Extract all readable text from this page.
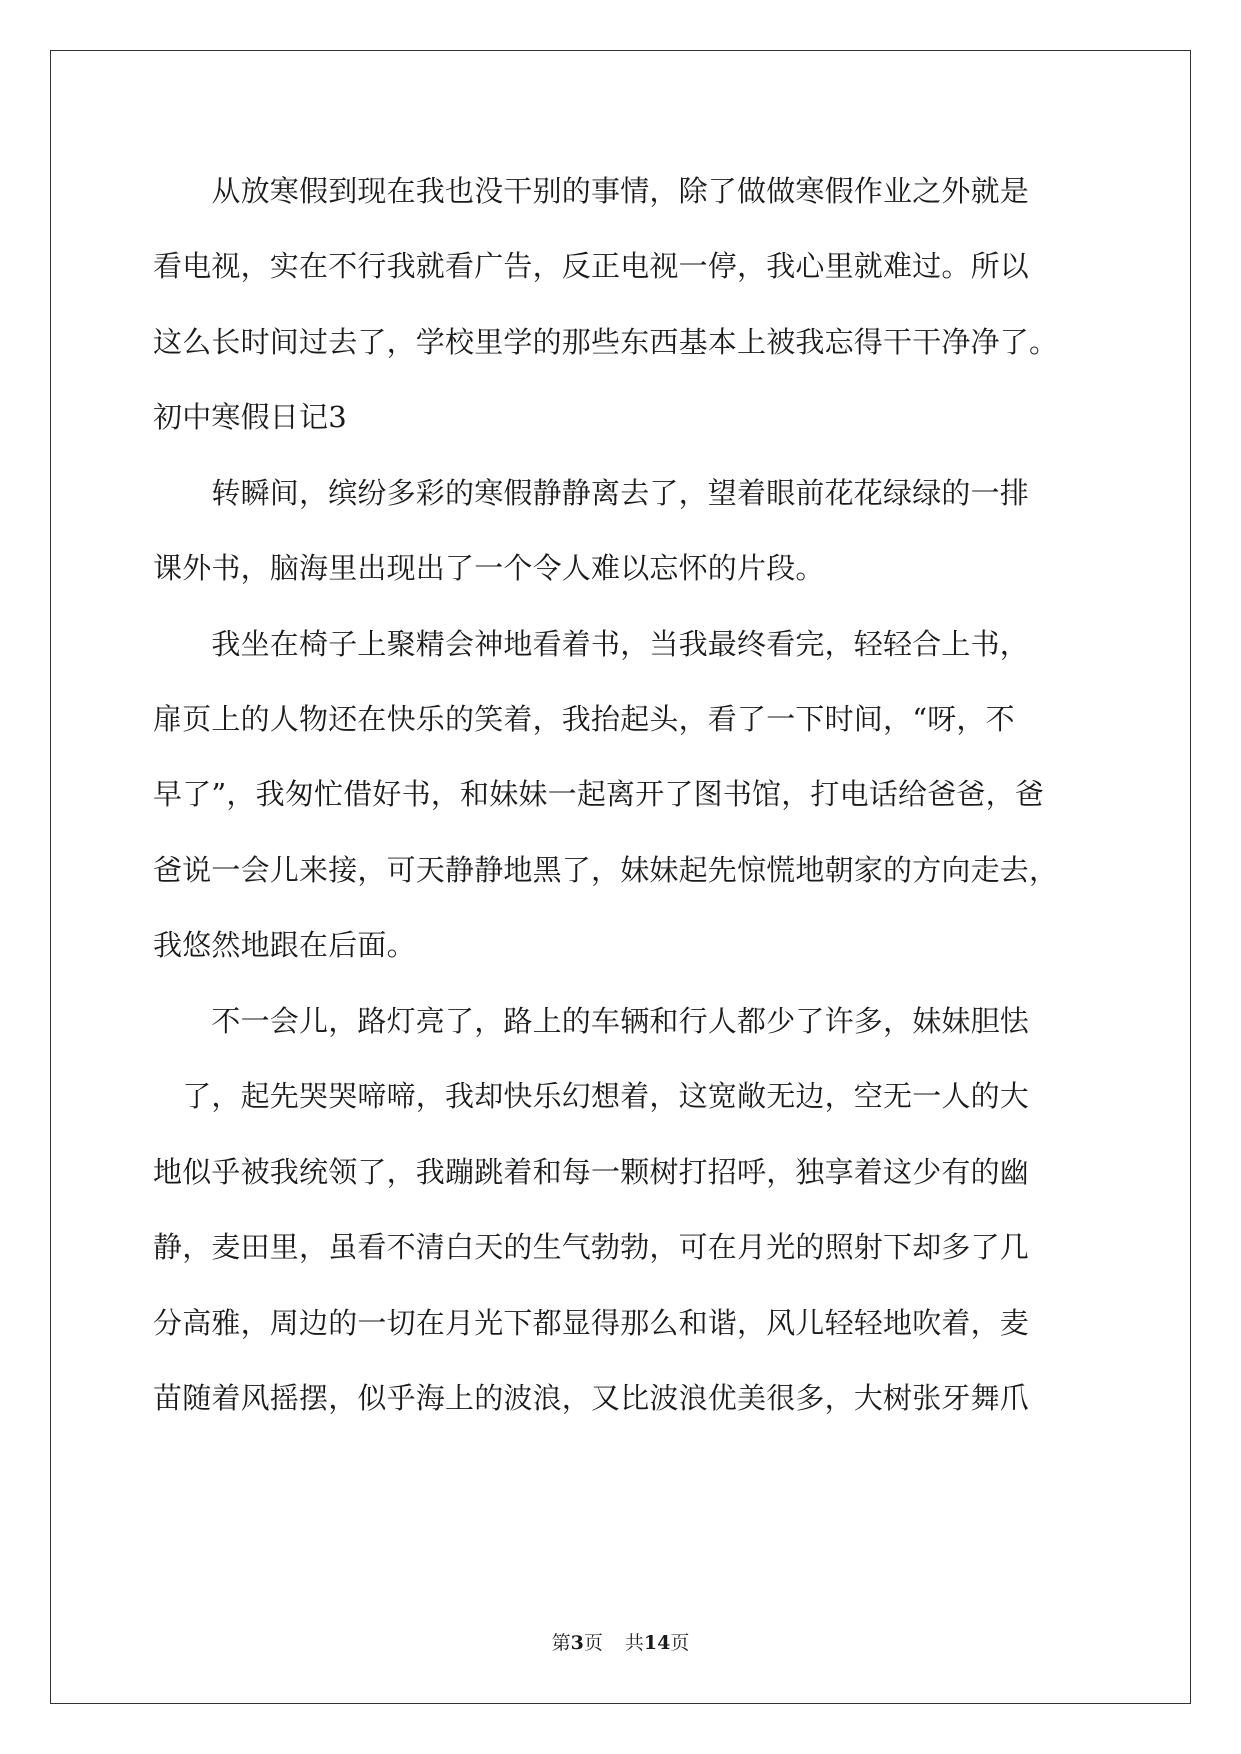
　　从放寒假到现在我也没干别的事情，除了做做寒假作业之外就是
看电视，实在不行我就看广告，反正电视一停，我心里就难过。所以
这么长时间过去了，学校里学的那些东西基本上被我忘得干干净净了。
初中寒假日记3
　　转瞬间，缤纷多彩的寒假静静离去了，望着眼前花花绿绿的一排
课外书，脑海里出现出了一个令人难以忘怀的片段。
　　我坐在椅子上聚精会神地看着书，当我最终看完，轻轻合上书，
扉页上的人物还在快乐的笑着，我抬起头，看了一下时间，“呀，不
早了”，我匆忙借好书，和妹妹一起离开了图书馆，打电话给爸爸，爸
爸说一会儿来接，可天静静地黑了，妹妹起先惊慌地朝家的方向走去，
我悠然地跟在后面。
　　不一会儿，路灯亮了，路上的车辆和行人都少了许多，妹妹胆怯
　了，起先哭哭啼啼，我却快乐幻想着，这宽敞无边，空无一人的大
地似乎被我统领了，我蹦跳着和每一颗树打招呼，独享着这少有的幽
静，麦田里，虽看不清白天的生气勃勃，可在月光的照射下却多了几
分高雅，周边的一切在月光下都显得那么和谐，风儿轻轻地吹着，麦
苗随着风摇摆，似乎海上的波浪，又比波浪优美很多，大树张牙舞爪
第3页 共14页
